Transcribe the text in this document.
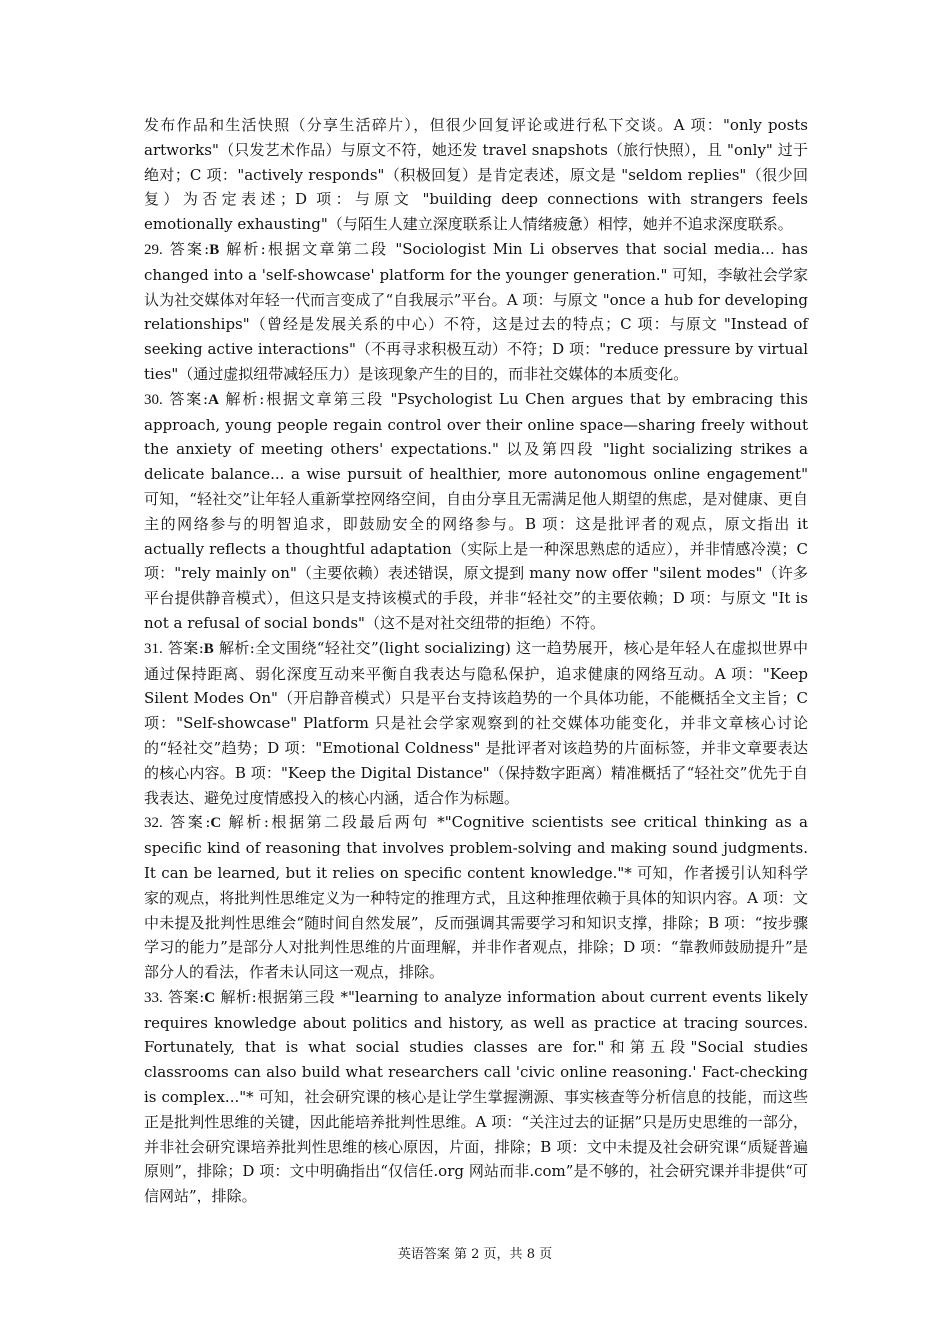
发布作品和生活快照（分享生活碎片），但很少回复评论或进行私下交谈。A 项："only posts artworks"（只发艺术作品）与原文不符，她还发 travel snapshots（旅行快照），且 "only" 过于绝对；C 项："actively responds"（积极回复）是肯定表述，原文是 "seldom replies"（很少回复）为否定表述；D 项：与原文 "building deep connections with strangers feels emotionally exhausting"（与陌生人建立深度联系让人情绪疲惫）相悖，她并不追求深度联系。

29. 答案:B 解析:根据文章第二段 "Sociologist Min Li observes that social media... has changed into a 'self-showcase' platform for the younger generation." 可知，李敏社会学家认为社交媒体对年轻一代而言变成了“自我展示”平台。A 项：与原文 "once a hub for developing relationships"（曾经是发展关系的中心）不符，这是过去的特点；C 项：与原文 "Instead of seeking active interactions"（不再寻求积极互动）不符；D 项："reduce pressure by virtual ties"（通过虚拟纽带减轻压力）是该现象产生的目的，而非社交媒体的本质变化。

30. 答案:A 解析:根据文章第三段 "Psychologist Lu Chen argues that by embracing this approach, young people regain control over their online space—sharing freely without the anxiety of meeting others' expectations." 以及第四段 "light socializing strikes a delicate balance... a wise pursuit of healthier, more autonomous online engagement" 可知，“轻社交”让年轻人重新掌控网络空间，自由分享且无需满足他人期望的焦虑，是对健康、更自主的网络参与的明智追求，即鼓励安全的网络参与。B 项：这是批评者的观点，原文指出 it actually reflects a thoughtful adaptation（实际上是一种深思熟虑的适应），并非情感冷漠；C 项："rely mainly on"（主要依赖）表述错误，原文提到 many now offer "silent modes"（许多平台提供静音模式），但这只是支持该模式的手段，并非“轻社交”的主要依赖；D 项：与原文 "It is not a refusal of social bonds"（这不是对社交纽带的拒绝）不符。

31. 答案:B 解析:全文围绕“轻社交”(light socializing) 这一趋势展开，核心是年轻人在虚拟世界中通过保持距离、弱化深度互动来平衡自我表达与隐私保护，追求健康的网络互动。A 项："Keep Silent Modes On"（开启静音模式）只是平台支持该趋势的一个具体功能，不能概括全文主旨；C 项："Self-showcase" Platform 只是社会学家观察到的社交媒体功能变化，并非文章核心讨论的“轻社交”趋势；D 项："Emotional Coldness" 是批评者对该趋势的片面标签，并非文章要表达的核心内容。B 项："Keep the Digital Distance"（保持数字距离）精准概括了“轻社交”优先于自我表达、避免过度情感投入的核心内涵，适合作为标题。

32. 答案:C 解析:根据第二段最后两句 *"Cognitive scientists see critical thinking as a specific kind of reasoning that involves problem-solving and making sound judgments. It can be learned, but it relies on specific content knowledge."* 可知，作者援引认知科学家的观点，将批判性思维定义为一种特定的推理方式，且这种推理依赖于具体的知识内容。A 项：文中未提及批判性思维会“随时间自然发展”，反而强调其需要学习和知识支撑，排除；B 项：“按步骤学习的能力”是部分人对批判性思维的片面理解，并非作者观点，排除；D 项：“靠教师鼓励提升”是部分人的看法，作者未认同这一观点，排除。

33. 答案:C 解析:根据第三段 *"learning to analyze information about current events likely requires knowledge about politics and history, as well as practice at tracing sources. Fortunately, that is what social studies classes are for."和第五段"Social studies classrooms can also build what researchers call 'civic online reasoning.' Fact-checking is complex..."* 可知，社会研究课的核心是让学生掌握溯源、事实核查等分析信息的技能，而这些正是批判性思维的关键，因此能培养批判性思维。A 项：“关注过去的证据”只是历史思维的一部分，并非社会研究课培养批判性思维的核心原因，片面，排除；B 项：文中未提及社会研究课“质疑普遍原则”，排除；D 项：文中明确指出“仅信任.org 网站而非.com”是不够的，社会研究课并非提供“可信网站”，排除。

英语答案 第 2 页，共 8 页
